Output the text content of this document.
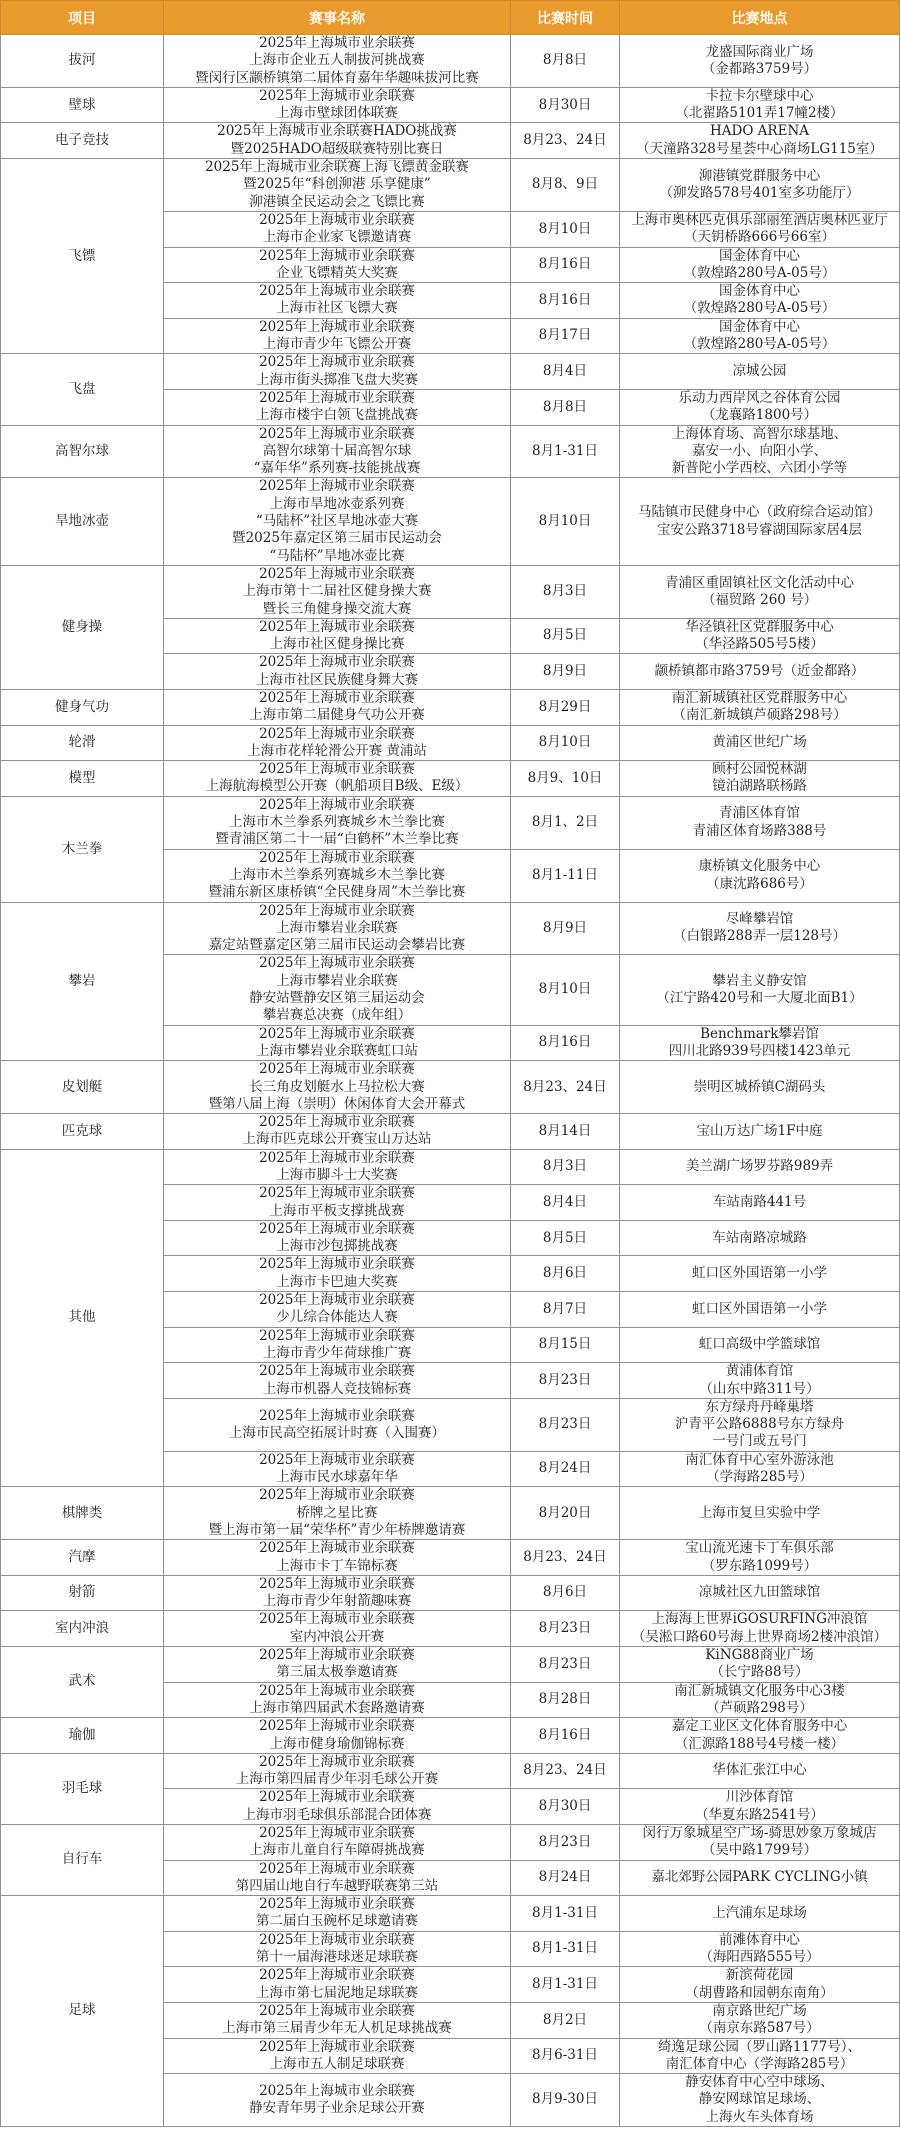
项目	赛事名称	比赛时间	比赛地点
拔河	2025年上海城市业余联赛
上海市企业五人制拔河挑战赛
暨闵行区颛桥镇第二届体育嘉年华趣味拔河比赛	8月8日	龙盛国际商业广场
（金都路3759号）

壁球	2025年上海城市业余联赛
上海市壁球团体联赛	8月30日	卡拉卡尔壁球中心
（北翟路5101弄17幢2楼）

电子竞技	2025年上海城市业余联赛HADO挑战赛
暨2025HADO超级联赛特别比赛日	8月23、24日	HADO ARENA
（天潼路328号星荟中心商场LG115室）

飞镖	2025年上海城市业余联赛上海飞镖黄金联赛
暨2025年“科创泖港 乐享健康”
泖港镇全民运动会之飞镖比赛	8月8、9日	泖港镇党群服务中心
（泖发路578号401室多功能厅）

	2025年上海城市业余联赛
上海市企业家飞镖邀请赛	8月10日	上海市奥林匹克俱乐部丽笙酒店奥林匹亚厅
（天钥桥路666号66室）

	2025年上海城市业余联赛
企业飞镖精英大奖赛	8月16日	国金体育中心
（敦煌路280号A-05号）

	2025年上海城市业余联赛
上海市社区飞镖大赛	8月16日	国金体育中心
（敦煌路280号A-05号）

	2025年上海城市业余联赛
上海市青少年飞镖公开赛	8月17日	国金体育中心
（敦煌路280号A-05号）

飞盘	2025年上海城市业余联赛
上海市街头掷准飞盘大奖赛	8月4日	凉城公园

	2025年上海城市业余联赛
上海市楼宇白领飞盘挑战赛	8月8日	乐动力西岸风之谷体育公园
（龙襄路1800号）

高智尔球	2025年上海城市业余联赛
高智尔球第十届高智尔球
“嘉年华”系列赛-技能挑战赛	8月1-31日	上海体育场、高智尔球基地、
嘉安一小、向阳小学、
新普陀小学西校、六团小学等

旱地冰壶	2025年上海城市业余联赛
上海市旱地冰壶系列赛
“马陆杯”社区旱地冰壶大赛
暨2025年嘉定区第三届市民运动会
“马陆杯”旱地冰壶比赛	8月10日	马陆镇市民健身中心（政府综合运动馆）
宝安公路3718号睿湖国际家居4层

健身操	2025年上海城市业余联赛
上海市第十二届社区健身操大赛
暨长三角健身操交流大赛	8月3日	青浦区重固镇社区文化活动中心
（福贸路 260 号）

	2025年上海城市业余联赛
上海市社区健身操比赛	8月5日	华泾镇社区党群服务中心
（华泾路505号5楼）

	2025年上海城市业余联赛
上海市社区民族健身舞大赛	8月9日	颛桥镇都市路3759号（近金都路）

健身气功	2025年上海城市业余联赛
上海市第二届健身气功公开赛	8月29日	南汇新城镇社区党群服务中心
（南汇新城镇芦硕路298号）

轮滑	2025年上海城市业余联赛
上海市花样轮滑公开赛 黄浦站	8月10日	黄浦区世纪广场

模型	2025年上海城市业余联赛
上海航海模型公开赛（帆船项目B级、E级）	8月9、10日	顾村公园悦林湖
镜泊湖路联杨路

木兰拳	2025年上海城市业余联赛
上海市木兰拳系列赛城乡木兰拳比赛
暨青浦区第二十一届“白鹤杯”木兰拳比赛	8月1、2日	青浦区体育馆
青浦区体育场路388号

	2025年上海城市业余联赛
上海市木兰拳系列赛城乡木兰拳比赛
暨浦东新区康桥镇“全民健身周”木兰拳比赛	8月1-11日	康桥镇文化服务中心
（康沈路686号）

攀岩	2025年上海城市业余联赛
上海市攀岩业余联赛
嘉定站暨嘉定区第三届市民运动会攀岩比赛	8月9日	尽峰攀岩馆
（白银路288弄一层128号）

	2025年上海城市业余联赛
上海市攀岩业余联赛
静安站暨静安区第三届运动会
攀岩赛总决赛（成年组）	8月10日	攀岩主义静安馆
（江宁路420号和一大厦北面B1）

	2025年上海城市业余联赛
上海市攀岩业余联赛虹口站	8月16日	Benchmark攀岩馆
四川北路939号四楼1423单元

皮划艇	2025年上海城市业余联赛
长三角皮划艇水上马拉松大赛
暨第八届上海（崇明）休闲体育大会开幕式	8月23、24日	崇明区城桥镇C湖码头

匹克球	2025年上海城市业余联赛
上海市匹克球公开赛宝山万达站	8月14日	宝山万达广场1F中庭

其他	2025年上海城市业余联赛
上海市脚斗士大奖赛	8月3日	美兰湖广场罗芬路989弄

	2025年上海城市业余联赛
上海市平板支撑挑战赛	8月4日	车站南路441号

	2025年上海城市业余联赛
上海市沙包掷挑战赛	8月5日	车站南路凉城路

	2025年上海城市业余联赛
上海市卡巴迪大奖赛	8月6日	虹口区外国语第一小学

	2025年上海城市业余联赛
少儿综合体能达人赛	8月7日	虹口区外国语第一小学

	2025年上海城市业余联赛
上海市青少年荷球推广赛	8月15日	虹口高级中学篮球馆

	2025年上海城市业余联赛
上海市机器人竞技锦标赛	8月23日	黄浦体育馆
（山东中路311号）

	2025年上海城市业余联赛
上海市民高空拓展计时赛（入围赛）	8月23日	东方绿舟丹峰巢塔
沪青平公路6888号东方绿舟
一号门或五号门

	2025年上海城市业余联赛
上海市民水球嘉年华	8月24日	南汇体育中心室外游泳池
（学海路285号）

棋牌类	2025年上海城市业余联赛
桥牌之星比赛
暨上海市第一届“荣华杯”青少年桥牌邀请赛	8月20日	上海市复旦实验中学

汽摩	2025年上海城市业余联赛
上海市卡丁车锦标赛	8月23、24日	宝山流光速卡丁车俱乐部
（罗东路1099号）

射箭	2025年上海城市业余联赛
上海市青少年射箭趣味赛	8月6日	凉城社区九田篮球馆

室内冲浪	2025年上海城市业余联赛
室内冲浪公开赛	8月23日	上海海上世界iGOSURFING冲浪馆
（吴淞口路60号海上世界商场2楼冲浪馆）

武术	2025年上海城市业余联赛
第三届太极拳邀请赛	8月23日	KiNG88商业广场
（长宁路88号）

	2025年上海城市业余联赛
上海市第四届武术套路邀请赛	8月28日	南汇新城镇文化服务中心3楼
（芦硕路298号）

瑜伽	2025年上海城市业余联赛
上海市健身瑜伽锦标赛	8月16日	嘉定工业区文化体育服务中心
（汇源路188号4号楼一楼）

羽毛球	2025年上海城市业余联赛
上海市第四届青少年羽毛球公开赛	8月23、24日	华体汇张江中心

	2025年上海城市业余联赛
上海市羽毛球俱乐部混合团体赛	8月30日	川沙体育馆
（华夏东路2541号）

自行车	2025年上海城市业余联赛
上海市儿童自行车障碍挑战赛	8月23日	闵行万象城星空广场-骑思妙象万象城店
（吴中路1799号）

	2025年上海城市业余联赛
第四届山地自行车越野联赛第三站	8月24日	嘉北郊野公园PARK CYCLING小镇

足球	2025年上海城市业余联赛
第二届白玉碗杯足球邀请赛	8月1-31日	上汽浦东足球场

	2025年上海城市业余联赛
第十一届海港球迷足球联赛	8月1-31日	前滩体育中心
（海阳西路555号）

	2025年上海城市业余联赛
上海市第七届泥地足球联赛	8月1-31日	新滨荷花园
（胡曹路和园朝东南角）

	2025年上海城市业余联赛
上海市第三届青少年无人机足球挑战赛	8月2日	南京路世纪广场
（南京东路587号）

	2025年上海城市业余联赛
上海市五人制足球联赛	8月6-31日	绮逸足球公园（罗山路1177号）、
南汇体育中心（学海路285号）

	2025年上海城市业余联赛
静安青年男子业余足球公开赛	8月9-30日	静安体育中心空中球场、
静安网球馆足球场、
上海火车头体育场
